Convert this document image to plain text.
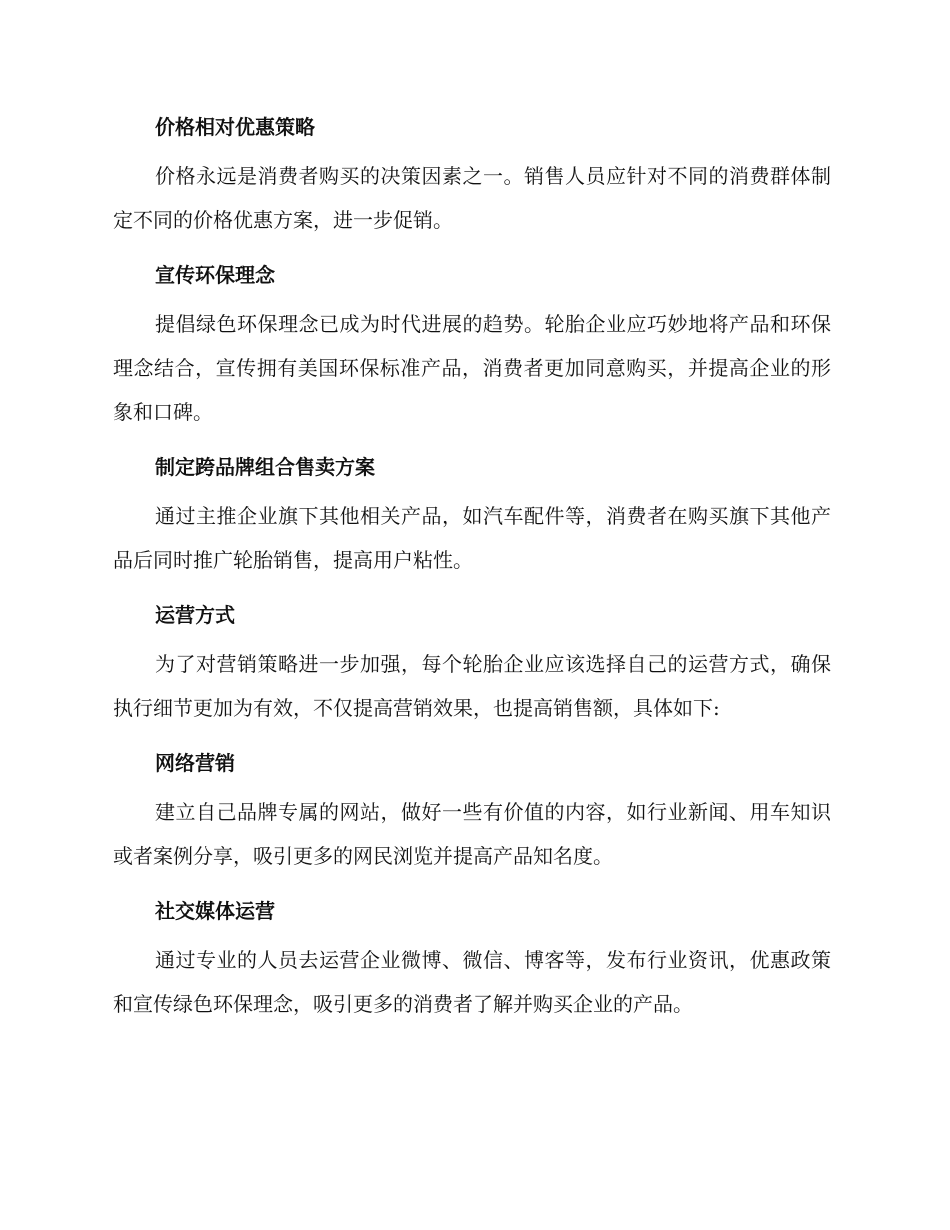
价格相对优惠策略

价格永远是消费者购买的决策因素之一。销售人员应针对不同的消费群体制定不同的价格优惠方案，进一步促销。

宣传环保理念

提倡绿色环保理念已成为时代进展的趋势。轮胎企业应巧妙地将产品和环保理念结合，宣传拥有美国环保标准产品，消费者更加同意购买，并提高企业的形象和口碑。

制定跨品牌组合售卖方案

通过主推企业旗下其他相关产品，如汽车配件等，消费者在购买旗下其他产品后同时推广轮胎销售，提高用户粘性。

运营方式

为了对营销策略进一步加强，每个轮胎企业应该选择自己的运营方式，确保执行细节更加为有效，不仅提高营销效果，也提高销售额，具体如下:

网络营销

建立自己品牌专属的网站，做好一些有价值的内容，如行业新闻、用车知识或者案例分享，吸引更多的网民浏览并提高产品知名度。

社交媒体运营

通过专业的人员去运营企业微博、微信、博客等，发布行业资讯，优惠政策和宣传绿色环保理念，吸引更多的消费者了解并购买企业的产品。
